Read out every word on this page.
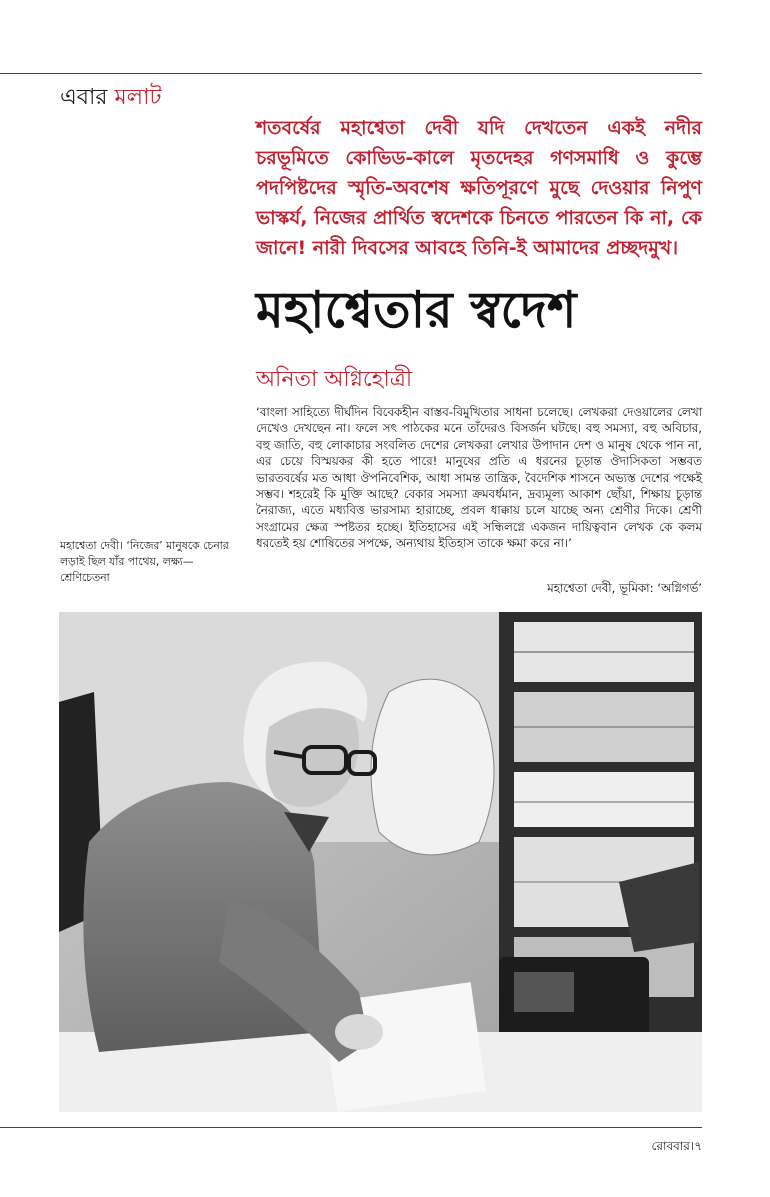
এবার মলাট
শতবর্ষের মহাশ্বেতা দেবী যদি দেখতেন একই নদীর চরভূমিতে কোভিড-কালে মৃতদেহর গণসমাধি ও কুম্ভে পদপিষ্টদের স্মৃতি-অবশেষ ক্ষতিপূরণে মুছে দেওয়ার নিপুণ ভাস্কর্য, নিজের প্রার্থিত স্বদেশকে চিনতে পারতেন কি না, কে জানে! নারী দিবসের আবহে তিনি-ই আমাদের প্রচ্ছদমুখ।
মহাশ্বেতার স্বদেশ
অনিতা অগ্নিহোত্রী
‘বাংলা সাহিত্যে দীর্ঘদিন বিবেকহীন বাস্তব-বিমুখিতার সাধনা চলেছে। লেখকরা দেওয়ালের লেখা দেখেও দেখছেন না। ফলে সৎ পাঠকের মনে তাঁদেরও বিসর্জন ঘটছে। বহু সমস্যা, বহু অবিচার, বহু জাতি, বহু লোকাচার সংবলিত দেশের লেখকরা লেখার উপাদান দেশ ও মানুষ থেকে পান না, এর চেয়ে বিস্ময়কর কী হতে পারে! মানুষের প্রতি এ ধরনের চূড়ান্ত ঔদাসিকতা সম্ভবত ভারতবর্ষের মত আধা ঔপনিবেশিক, আধা সামন্ত তান্ত্রিক, বৈদেশিক শাসনে অভ্যস্ত দেশের পক্ষেই সম্ভব। শহরেই কি মুক্তি আছে? বেকার সমস্যা ক্রমবর্ধমান, দ্রব্যমূল্য আকাশ ছোঁয়া, শিক্ষায় চূড়ান্ত নৈরাজ্য, এতে মধ্যবিত্ত ভারসাম্য হারাচ্ছে, প্রবল ধাক্কায় চলে যাচ্ছে অন্য শ্রেণীর দিকে। শ্রেণী সংগ্রামের ক্ষেত্র স্পষ্টতর হচ্ছে। ইতিহাসের এই সন্ধিলগ্নে একজন দায়িত্ববান লেখক কে কলম ধরতেই হয় শোষিতের সপক্ষে, অন্যথায় ইতিহাস তাকে ক্ষমা করে না।’
মহাশ্বেতা দেবী, ভূমিকা: ‘অগ্নিগর্ভ’
মহাশ্বেতা দেবী। ‘নিজের’ মানুষকে চেনার লড়াই ছিল যাঁর পাথেয়, লক্ষ্য— শ্রেণিচেতনা
রোববার।৭
